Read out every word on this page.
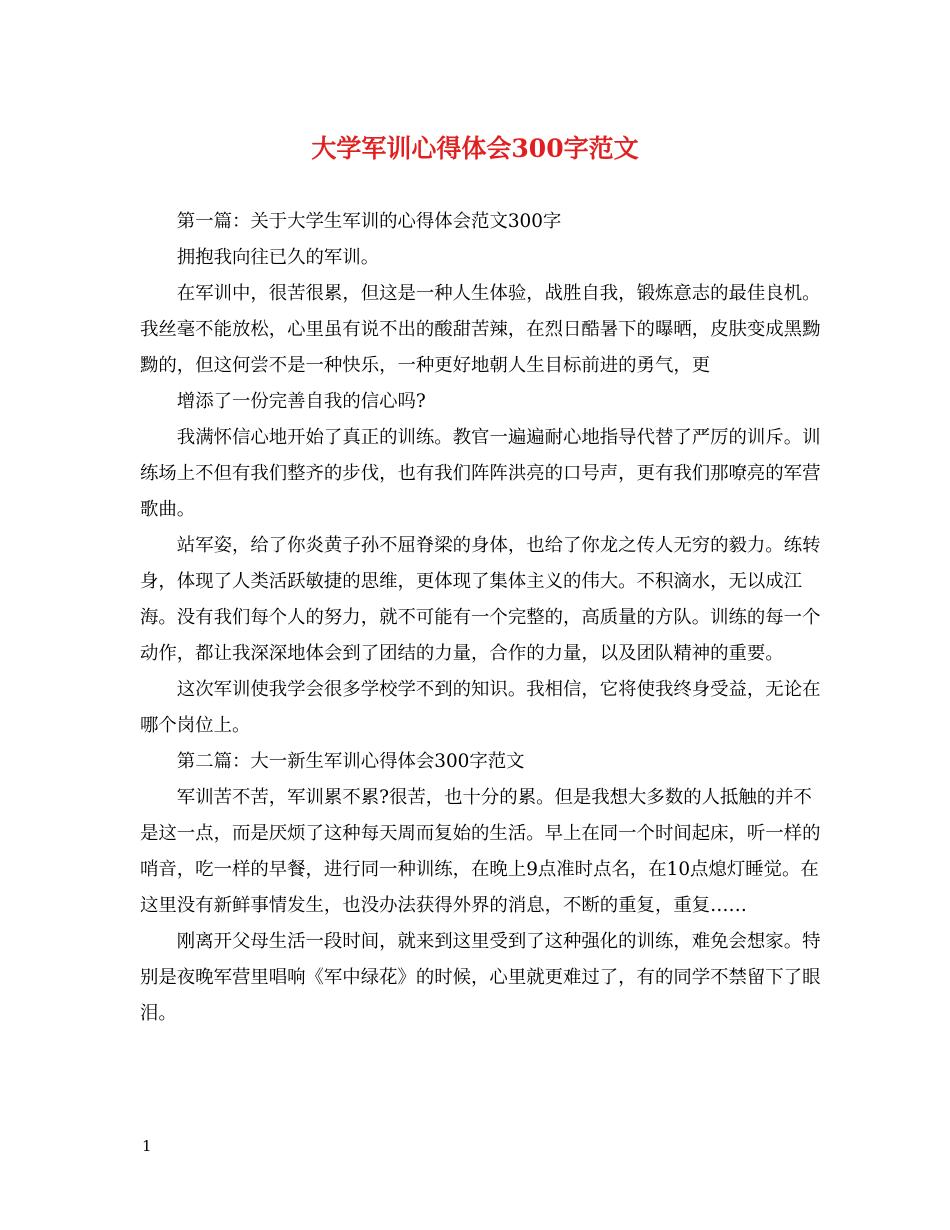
大学军训心得体会300字范文

第一篇：关于大学生军训的心得体会范文300字

拥抱我向往已久的军训。

在军训中，很苦很累，但这是一种人生体验，战胜自我，锻炼意志的最佳良机。我丝毫不能放松，心里虽有说不出的酸甜苦辣，在烈日酷暑下的曝晒，皮肤变成黑黝黝的，但这何尝不是一种快乐，一种更好地朝人生目标前进的勇气，更

增添了一份完善自我的信心吗?

我满怀信心地开始了真正的训练。教官一遍遍耐心地指导代替了严厉的训斥。训练场上不但有我们整齐的步伐，也有我们阵阵洪亮的口号声，更有我们那嘹亮的军营歌曲。

站军姿，给了你炎黄子孙不屈脊梁的身体，也给了你龙之传人无穷的毅力。练转身，体现了人类活跃敏捷的思维，更体现了集体主义的伟大。不积滴水，无以成江海。没有我们每个人的努力，就不可能有一个完整的，高质量的方队。训练的每一个动作，都让我深深地体会到了团结的力量，合作的力量，以及团队精神的重要。

这次军训使我学会很多学校学不到的知识。我相信，它将使我终身受益，无论在哪个岗位上。

第二篇：大一新生军训心得体会300字范文

军训苦不苦，军训累不累?很苦，也十分的累。但是我想大多数的人抵触的并不是这一点，而是厌烦了这种每天周而复始的生活。早上在同一个时间起床，听一样的哨音，吃一样的早餐，进行同一种训练，在晚上9点准时点名，在10点熄灯睡觉。在这里没有新鲜事情发生，也没办法获得外界的消息，不断的重复，重复……

刚离开父母生活一段时间，就来到这里受到了这种强化的训练，难免会想家。特别是夜晚军营里唱响《军中绿花》的时候，心里就更难过了，有的同学不禁留下了眼泪。

1
